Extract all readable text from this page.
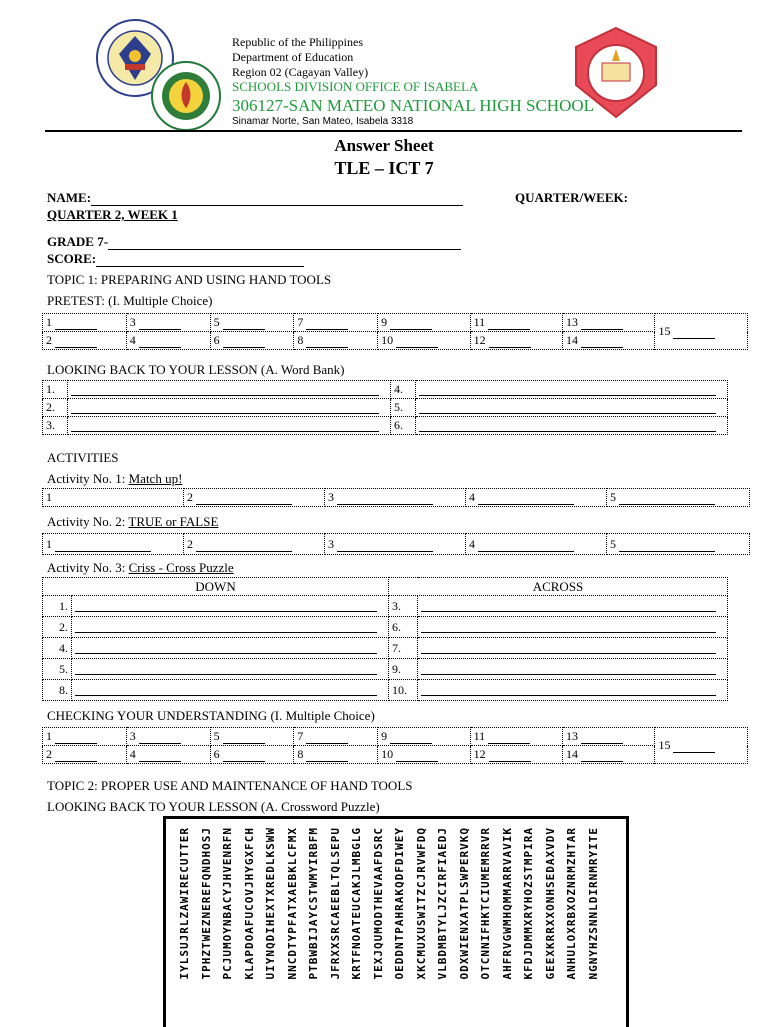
Republic of the Philippines
Department of Education
Region 02 (Cagayan Valley)
SCHOOLS DIVISION OFFICE OF ISABELA
306127-SAN MATEO NATIONAL HIGH SCHOOL
Sinamar Norte, San Mateo, Isabela 3318
Answer Sheet
TLE – ICT 7
NAME:	QUARTER/WEEK:
QUARTER 2, WEEK 1
GRADE 7-
SCORE:
TOPIC 1: PREPARING AND USING HAND TOOLS
PRETEST: (I. Multiple Choice)
1	3	5	7	9	11	13	15
2	4	6	8	10	12	14	
LOOKING BACK TO YOUR LESSON (A. Word Bank)
1.		4.	

2.		5.	

3.		6.	
ACTIVITIES
Activity No. 1: Match up!
1	2	3	4	5
Activity No. 2: TRUE or FALSE
1	2	3	4	5
Activity No. 3: Criss - Cross Puzzle
DOWN		ACROSS	
1.		3.	

2.		6.	

4.		7.	

5.		9.	

8.		10.	
CHECKING YOUR UNDERSTANDING (I. Multiple Choice)
1	3	5	7	9	11	13	15
2	4	6	8	10	12	14	
TOPIC 2: PROPER USE AND MAINTENANCE OF HAND TOOLS
LOOKING BACK TO YOUR LESSON (A. Crossword Puzzle)
IYLSUJRLZAWIRECUTTER TPHZTWEZNEREFQNDHOSJ PCJUMOYNBACYJHVENRFN KLAPDOAFUCOVJHYGXFCH UIYNQDIHEXTXREDLKSWW NNCDTYPFATXAEBKLCFMX PTBWBIJAYCSTWMYIRBFM JFRXXSRCAEEBLTQLSEPU KRTFNOATEUCAKJLMBGLG TEXJQUMODTHEVAAFDSRC OEDDNTPAHRAKQDFDIWEY XKCMUXUSWITZCJRVWFDQ VLBDMBTYLJZCIRFIAEDJ ODXWIENXATPLSWPERVKQ OTCNNIFHKTCIUMEMRRVR AHFRVGWMHQMMARRVAVIK KFDJDMMXRYHOZSTMPIRA GEEXKRRXXONHSEDAXVDV ANHULOXRBXOZNRMZHTAR NGNYHZSNNLDIRNMRYITE
